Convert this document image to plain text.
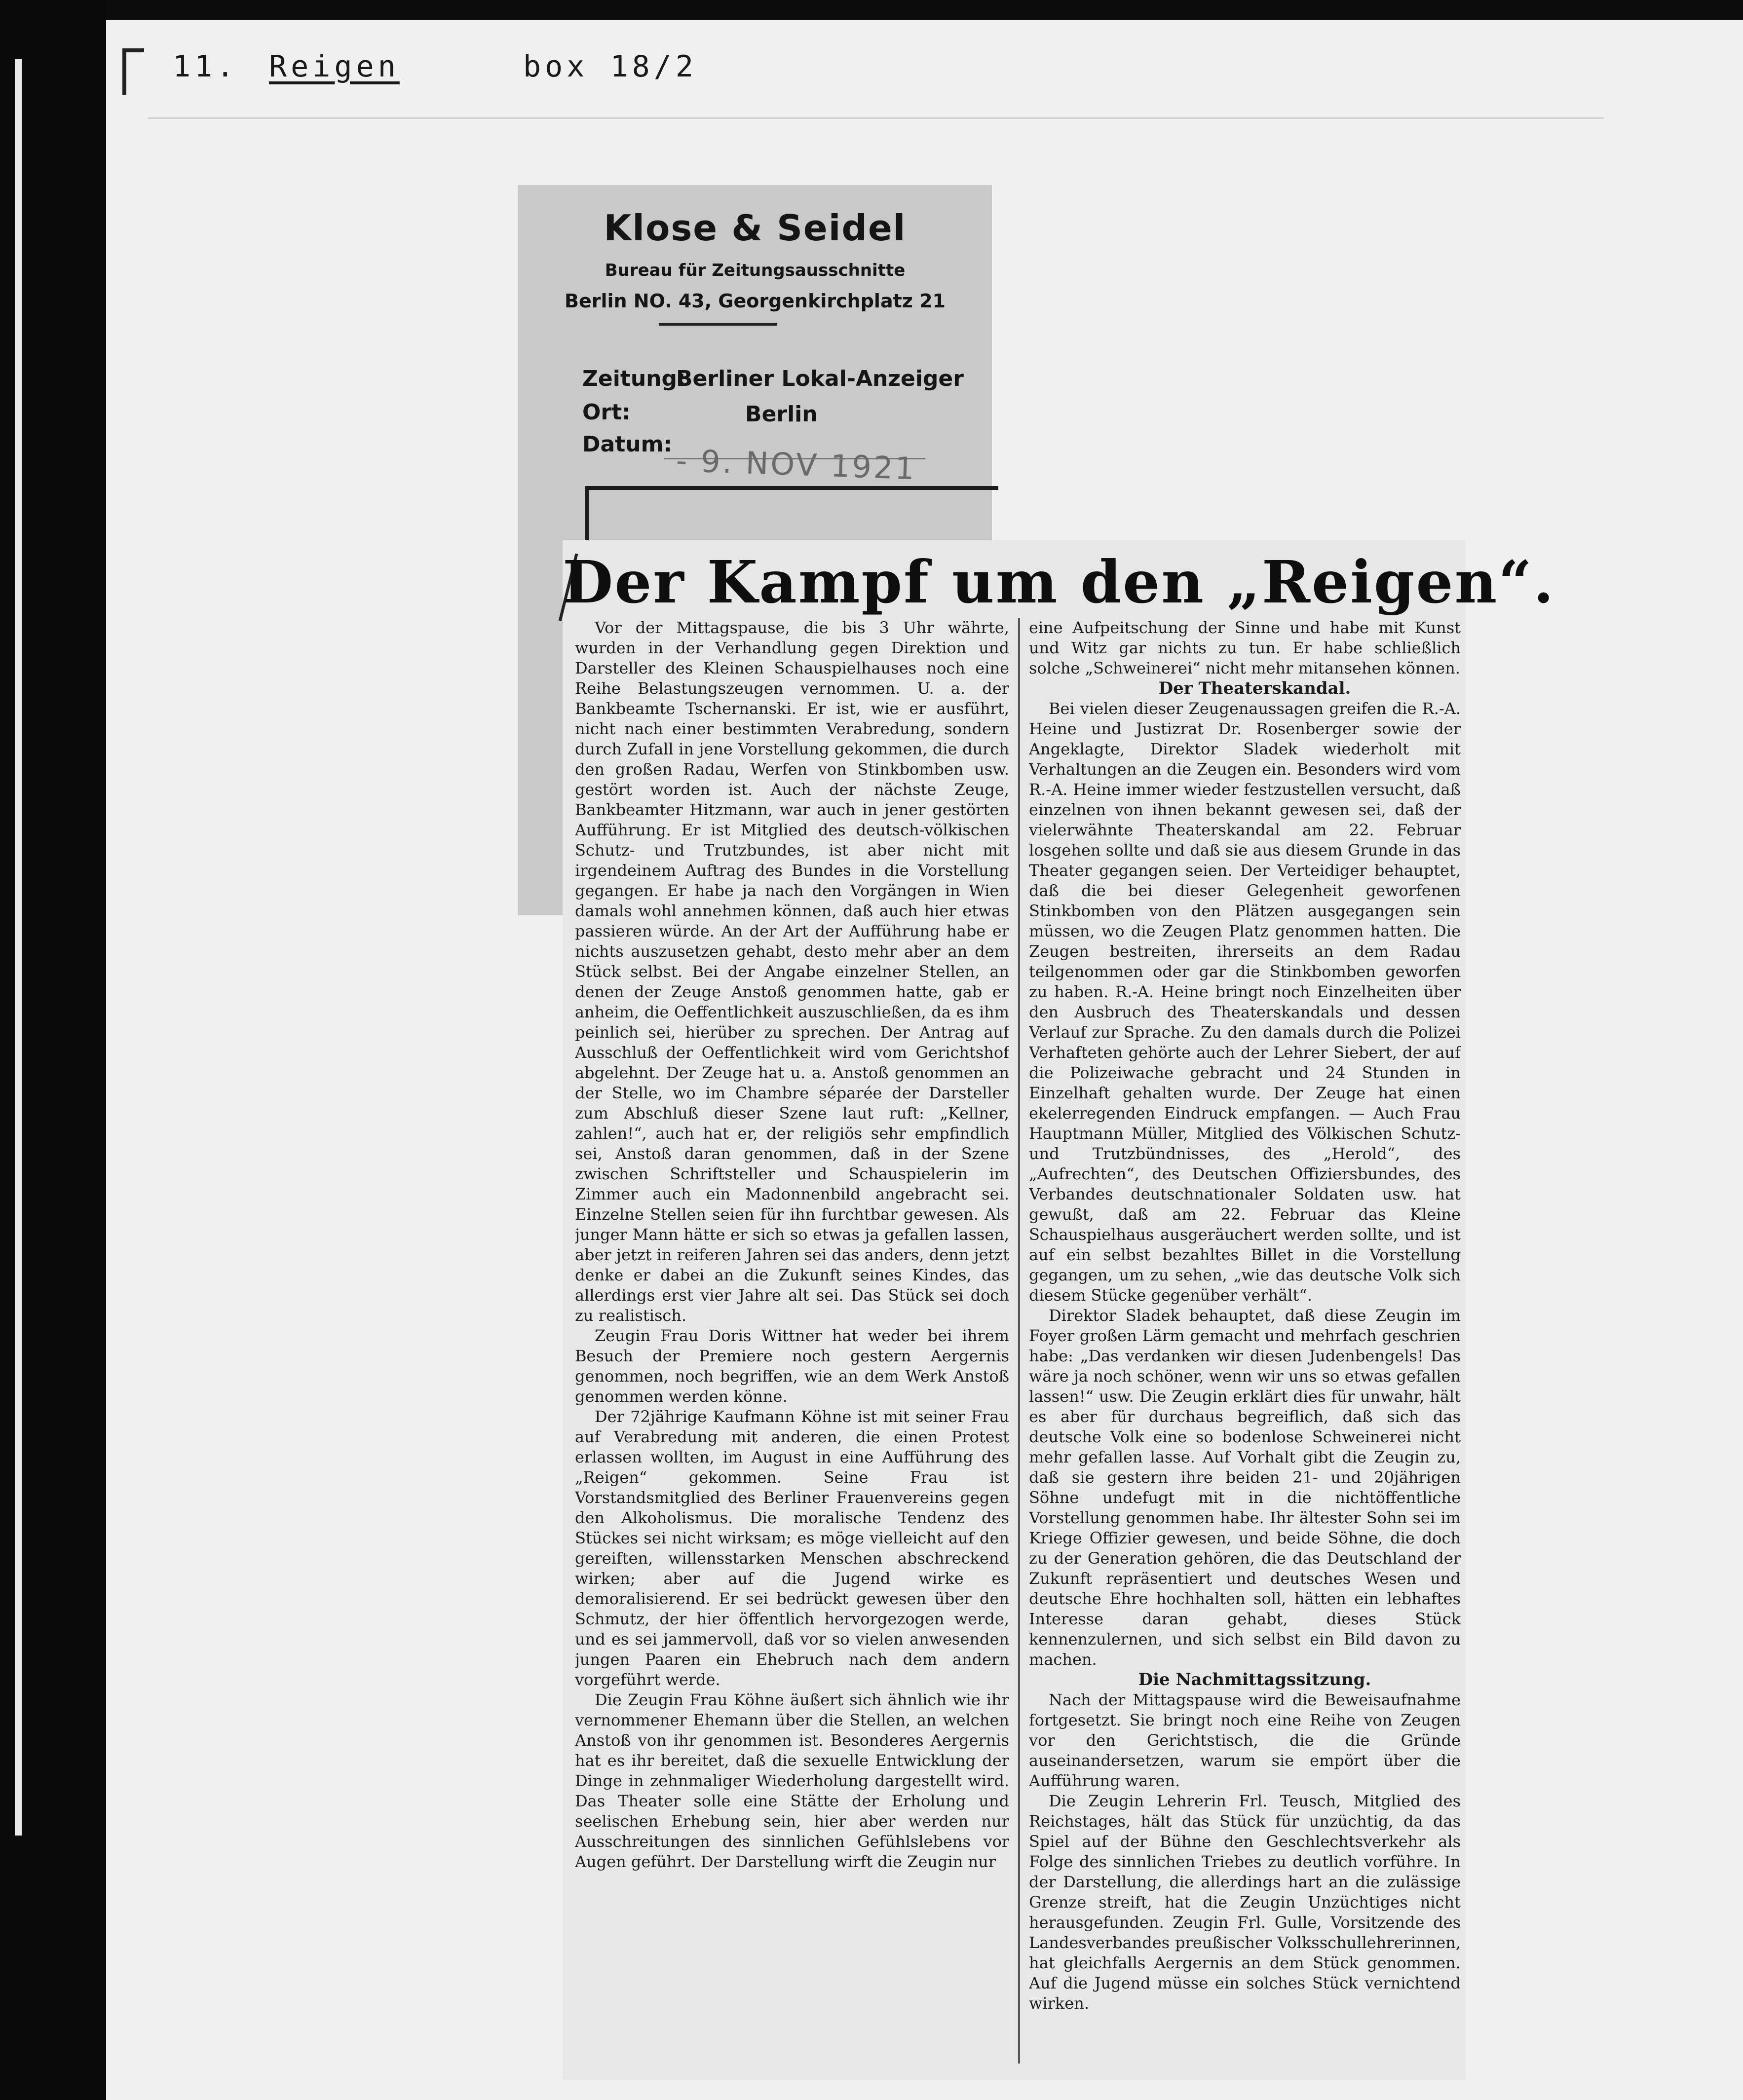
11. Reigen	box 18/2
Klose & Seidel
Bureau für Zeitungsausschnitte
Berlin NO. 43, Georgenkirchplatz 21
Zeitung:
Berliner Lokal-Anzeiger
Ort:	Berlin
Datum: - 9. NOV 1921
Der Kampf um den „Reigen“.

Vor der Mittagspause, die bis 3 Uhr währte, wurden in der Verhandlung gegen Direktion und Darsteller des Kleinen Schauspielhauses noch eine Reihe Belastungszeugen vernommen. U. a. der Bankbeamte Tschernanski. Er ist, wie er ausführt, nicht nach einer bestimmten Verabredung, sondern durch Zufall in jene Vorstellung gekommen, die durch den großen Radau, Werfen von Stinkbomben usw. gestört worden ist. Auch der nächste Zeuge, Bankbeamter Hitzmann, war auch in jener gestörten Aufführung. Er ist Mitglied des deutsch-völkischen Schutz- und Trutzbundes, ist aber nicht mit irgendeinem Auftrag des Bundes in die Vorstellung gegangen. Er habe ja nach den Vorgängen in Wien damals wohl annehmen können, daß auch hier etwas passieren würde. An der Art der Aufführung habe er nichts auszusetzen gehabt, desto mehr aber an dem Stück selbst. Bei der Angabe einzelner Stellen, an denen der Zeuge Anstoß genommen hatte, gab er anheim, die Oeffentlichkeit auszuschließen, da es ihm peinlich sei, hierüber zu sprechen. Der Antrag auf Ausschluß der Oeffentlichkeit wird vom Gerichtshof abgelehnt. Der Zeuge hat u. a. Anstoß genommen an der Stelle, wo im Chambre séparée der Darsteller zum Abschluß dieser Szene laut ruft: „Kellner, zahlen!“, auch hat er, der religiös sehr empfindlich sei, Anstoß daran genommen, daß in der Szene zwischen Schriftsteller und Schauspielerin im Zimmer auch ein Madonnenbild angebracht sei. Einzelne Stellen seien für ihn furchtbar gewesen. Als junger Mann hätte er sich so etwas ja gefallen lassen, aber jetzt in reiferen Jahren sei das anders, denn jetzt denke er dabei an die Zukunft seines Kindes, das allerdings erst vier Jahre alt sei. Das Stück sei doch zu realistisch.

Zeugin Frau Doris Wittner hat weder bei ihrem Besuch der Premiere noch gestern Aergernis genommen, noch begriffen, wie an dem Werk Anstoß genommen werden könne.

Der 72jährige Kaufmann Köhne ist mit seiner Frau auf Verabredung mit anderen, die einen Protest erlassen wollten, im August in eine Aufführung des „Reigen“ gekommen. Seine Frau ist Vorstandsmitglied des Berliner Frauenvereins gegen den Alkoholismus. Die moralische Tendenz des Stückes sei nicht wirksam; es möge vielleicht auf den gereiften, willensstarken Menschen abschreckend wirken; aber auf die Jugend wirke es demoralisierend. Er sei bedrückt gewesen über den Schmutz, der hier öffentlich hervorgezogen werde, und es sei jammervoll, daß vor so vielen anwesenden jungen Paaren ein Ehebruch nach dem andern vorgeführt werde.

Die Zeugin Frau Köhne äußert sich ähnlich wie ihr vernommener Ehemann über die Stellen, an welchen Anstoß von ihr genommen ist. Besonderes Aergernis hat es ihr bereitet, daß die sexuelle Entwicklung der Dinge in zehnmaliger Wiederholung dargestellt wird. Das Theater solle eine Stätte der Erholung und seelischen Erhebung sein, hier aber werden nur Ausschreitungen des sinnlichen Gefühlslebens vor Augen geführt. Der Darstellung wirft die Zeugin nur

eine Aufpeitschung der Sinne und habe mit Kunst und Witz gar nichts zu tun. Er habe schließlich solche „Schweinerei“ nicht mehr mitansehen können.

Der Theaterskandal.

Bei vielen dieser Zeugenaussagen greifen die R.-A. Heine und Justizrat Dr. Rosenberger sowie der Angeklagte, Direktor Sladek wiederholt mit Verhaltungen an die Zeugen ein. Besonders wird vom R.-A. Heine immer wieder festzustellen versucht, daß einzelnen von ihnen bekannt gewesen sei, daß der vielerwähnte Theaterskandal am 22. Februar losgehen sollte und daß sie aus diesem Grunde in das Theater gegangen seien. Der Verteidiger behauptet, daß die bei dieser Gelegenheit geworfenen Stinkbomben von den Plätzen ausgegangen sein müssen, wo die Zeugen Platz genommen hatten. Die Zeugen bestreiten, ihrerseits an dem Radau teilgenommen oder gar die Stinkbomben geworfen zu haben. R.-A. Heine bringt noch Einzelheiten über den Ausbruch des Theaterskandals und dessen Verlauf zur Sprache. Zu den damals durch die Polizei Verhafteten gehörte auch der Lehrer Siebert, der auf die Polizeiwache gebracht und 24 Stunden in Einzelhaft gehalten wurde. Der Zeuge hat einen ekelerregenden Eindruck empfangen. — Auch Frau Hauptmann Müller, Mitglied des Völkischen Schutz- und Trutzbündnisses, des „Herold“, des „Aufrechten“, des Deutschen Offiziersbundes, des Verbandes deutschnationaler Soldaten usw. hat gewußt, daß am 22. Februar das Kleine Schauspielhaus ausgeräuchert werden sollte, und ist auf ein selbst bezahltes Billet in die Vorstellung gegangen, um zu sehen, „wie das deutsche Volk sich diesem Stücke gegenüber verhält“.

Direktor Sladek behauptet, daß diese Zeugin im Foyer großen Lärm gemacht und mehrfach geschrien habe: „Das verdanken wir diesen Judenbengels! Das wäre ja noch schöner, wenn wir uns so etwas gefallen lassen!“ usw. Die Zeugin erklärt dies für unwahr, hält es aber für durchaus begreiflich, daß sich das deutsche Volk eine so bodenlose Schweinerei nicht mehr gefallen lasse. Auf Vorhalt gibt die Zeugin zu, daß sie gestern ihre beiden 21- und 20jährigen Söhne undefugt mit in die nichtöffentliche Vorstellung genommen habe. Ihr ältester Sohn sei im Kriege Offizier gewesen, und beide Söhne, die doch zu der Generation gehören, die das Deutschland der Zukunft repräsentiert und deutsches Wesen und deutsche Ehre hochhalten soll, hätten ein lebhaftes Interesse daran gehabt, dieses Stück kennenzulernen, und sich selbst ein Bild davon zu machen.

Die Nachmittagssitzung.

Nach der Mittagspause wird die Beweisaufnahme fortgesetzt. Sie bringt noch eine Reihe von Zeugen vor den Gerichtstisch, die die Gründe auseinandersetzen, warum sie empört über die Aufführung waren.

Die Zeugin Lehrerin Frl. Teusch, Mitglied des Reichstages, hält das Stück für unzüchtig, da das Spiel auf der Bühne den Geschlechtsverkehr als Folge des sinnlichen Triebes zu deutlich vorführe. In der Darstellung, die allerdings hart an die zulässige Grenze streift, hat die Zeugin Unzüchtiges nicht herausgefunden. Zeugin Frl. Gulle, Vorsitzende des Landesverbandes preußischer Volksschullehrerinnen, hat gleichfalls Aergernis an dem Stück genommen. Auf die Jugend müsse ein solches Stück vernichtend wirken.
